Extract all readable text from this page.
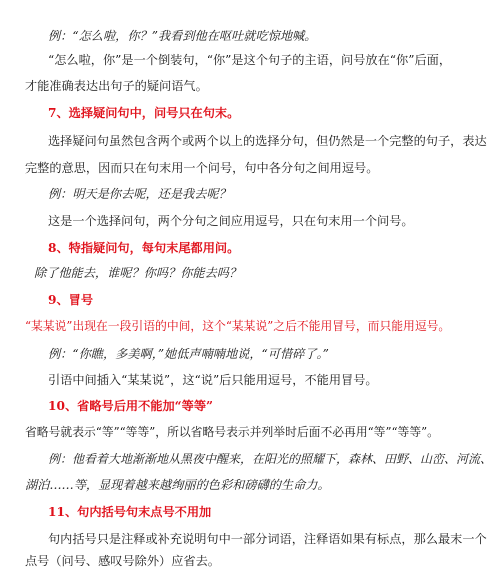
例：“怎么啦，你？”我看到他在呕吐就吃惊地喊。
“怎么啦，你”是一个倒装句，“你”是这个句子的主语，问号放在“你”后面，
才能准确表达出句子的疑问语气。
7、选择疑问句中，问号只在句末。
选择疑问句虽然包含两个或两个以上的选择分句，但仍然是一个完整的句子，表达
完整的意思，因而只在句末用一个问号，句中各分句之间用逗号。
例：明天是你去呢，还是我去呢？
这是一个选择问句，两个分句之间应用逗号，只在句末用一个问号。
8、特指疑问句，每句末尾都用问。
除了他能去，谁呢？你吗？你能去吗？
9、冒号
“某某说”出现在一段引语的中间，这个“某某说”之后不能用冒号，而只能用逗号。
例：“你瞧，多美啊，”她低声喃喃地说，“可惜碎了。”
引语中间插入“某某说”，这“说”后只能用逗号，不能用冒号。
10、省略号后用不能加“等等”
省略号就表示“等”“等等”，所以省略号表示并列举时后面不必再用“等”“等等”。
例：他看着大地渐渐地从黑夜中醒来，在阳光的照耀下，森林、田野、山峦、河流、
湖泊……等，显现着越来越绚丽的色彩和磅礴的生命力。
11、句内括号句末点号不用加
句内括号只是注释或补充说明句中一部分词语，注释语如果有标点，那么最末一个
点号（问号、感叹号除外）应省去。
